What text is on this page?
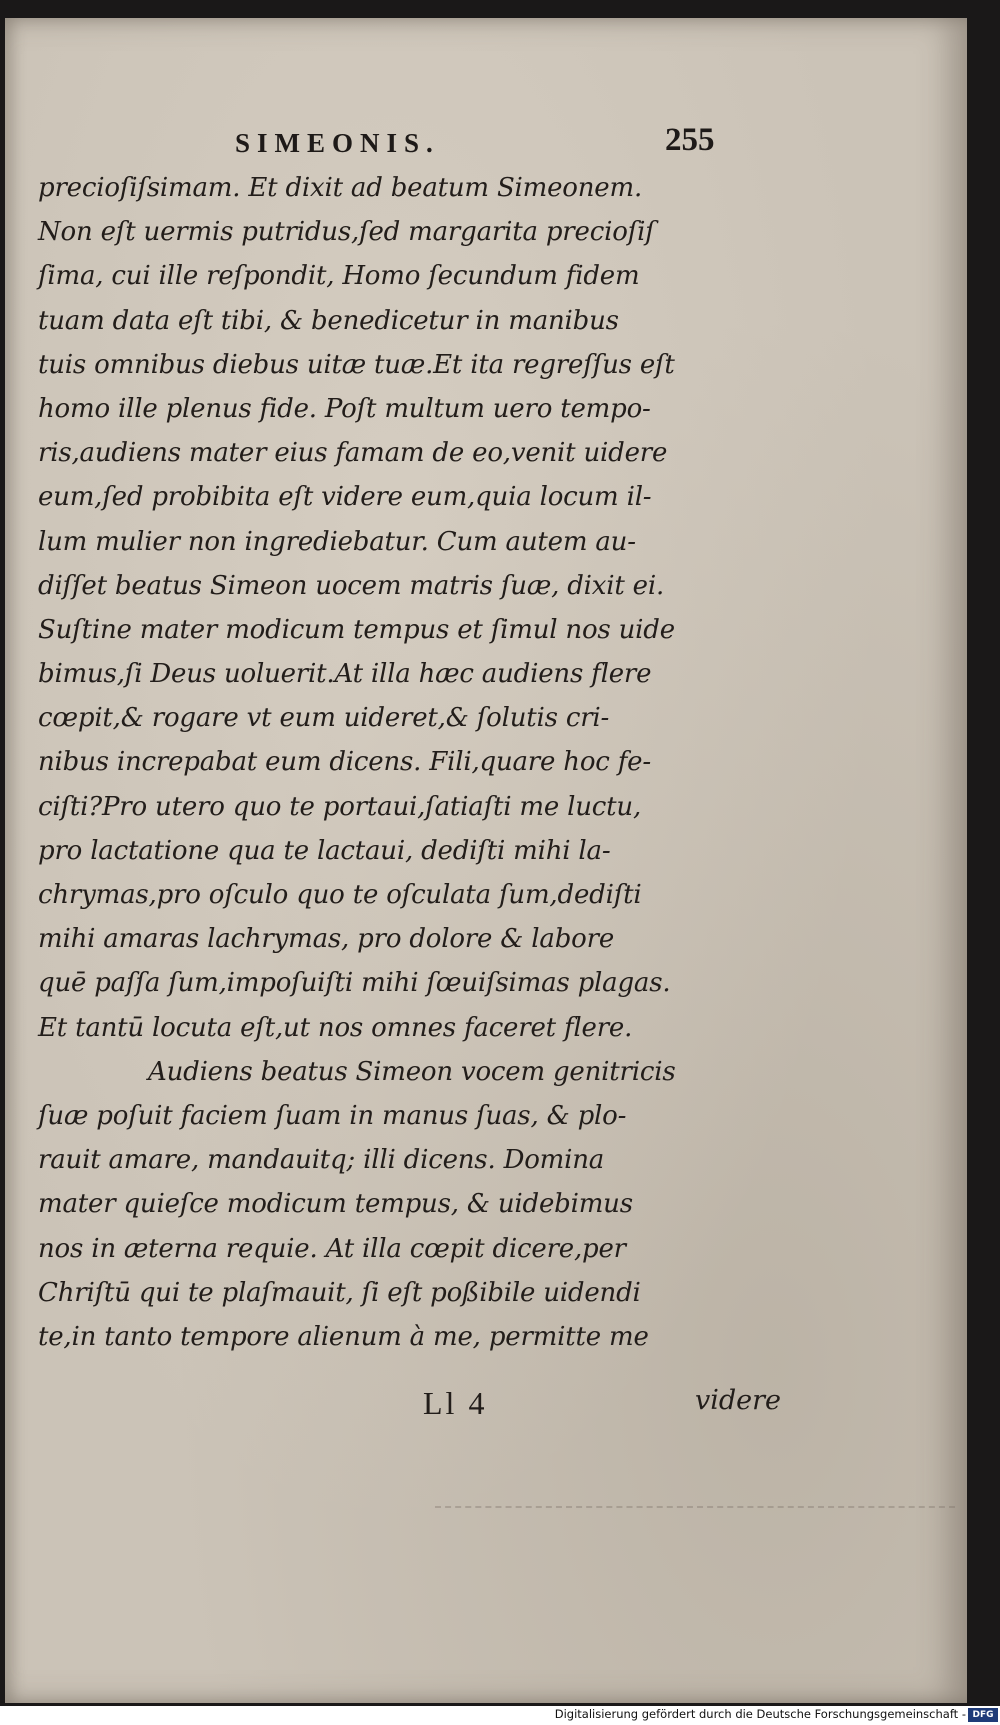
SIMEONIS.	255
precioſiſsimam. Et dixit ad beatum Simeonem.
Non eſt uermis putridus,ſed margarita precioſiſ
ſima, cui ille reſpondit, Homo ſecundum fidem
tuam data eſt tibi, & benedicetur in manibus
tuis omnibus diebus uitæ tuæ.Et ita regreſſus eſt
homo ille plenus fide. Poſt multum uero tempo-
ris,audiens mater eius famam de eo,venit uidere
eum,ſed probibita eſt videre eum,quia locum il-
lum mulier non ingrediebatur. Cum autem au-
diſſet beatus Simeon uocem matris ſuæ, dixit ei.
Suſtine mater modicum tempus et ſimul nos uide
bimus,ſi Deus uoluerit.At illa hæc audiens flere
cœpit,& rogare vt eum uideret,& ſolutis cri-
nibus increpabat eum dicens. Fili,quare hoc fe-
ciſti?Pro utero quo te portaui,ſatiaſti me luctu,
pro lactatione qua te lactaui, dediſti mihi la-
chrymas,pro oſculo quo te oſculata ſum,dediſti
mihi amaras lachrymas, pro dolore & labore
quē paſſa ſum,impoſuiſti mihi ſœuiſsimas plagas.
Et tantū locuta eſt,ut nos omnes faceret flere.
Audiens beatus Simeon vocem genitricis
ſuæ poſuit faciem ſuam in manus ſuas, & plo-
rauit amare, mandauitq; illi dicens. Domina
mater quieſce modicum tempus, & uidebimus
nos in æterna requie. At illa cœpit dicere,per
Chriſtū qui te plaſmauit, ſi eſt poßibile uidendi
te,in tanto tempore alienum à me, permitte me
Ll 4	videre
Digitalisierung gefördert durch die Deutsche Forschungsgemeinschaft - DFG
